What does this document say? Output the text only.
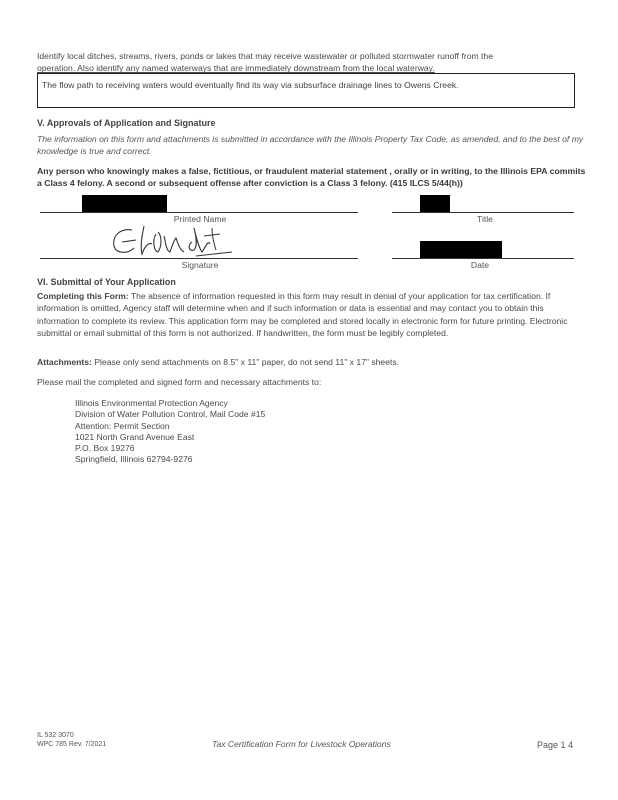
Identify local ditches, streams, rivers, ponds or lakes that may receive wastewater or polluted stormwater runoff from the
operation. Also identify any named waterways that are immediately downstream from the local waterway.
The flow path to receiving waters would eventually find its way via subsurface drainage lines to Owens Creek.
V. Approvals of Application and Signature
The information on this form and attachments is submitted in accordance with the Illinois Property Tax Code, as amended, and to the best of my knowledge is true and correct.
Any person who knowingly makes a false, fictitious, or fraudulent material statement , orally or in writing, to the Illinois EPA commits a Class 4 felony. A second or subsequent offense after conviction is a Class 3 felony. (415 ILCS 5/44(h))
Printed Name	Title
Signature	Date
VI. Submittal of Your Application
Completing this Form: The absence of information requested in this form may result in denial of your application for tax certification. If information is omitted, Agency staff will determine when and if such information or data is essential and may contact you to obtain this information to complete its review. This application form may be completed and stored locally in electronic form for future printing. Electronic submittal or email submittal of this form is not authorized. If handwritten, the form must be legibly completed.
Attachments: Please only send attachments on 8.5" x 11" paper, do not send 11" x 17" sheets.
Please mail the completed and signed form and necessary attachments to:
Illinois Environmental Protection Agency
Division of Water Pollution Control, Mail Code #15
Attention: Permit Section
1021 North Grand Avenue East
P.O. Box 19276
Springfield, Illinois 62794-9276
IL 532 3070
WPC 785 Rev. 7/2021	Tax Certification Form for Livestock Operations	Page 1 4
